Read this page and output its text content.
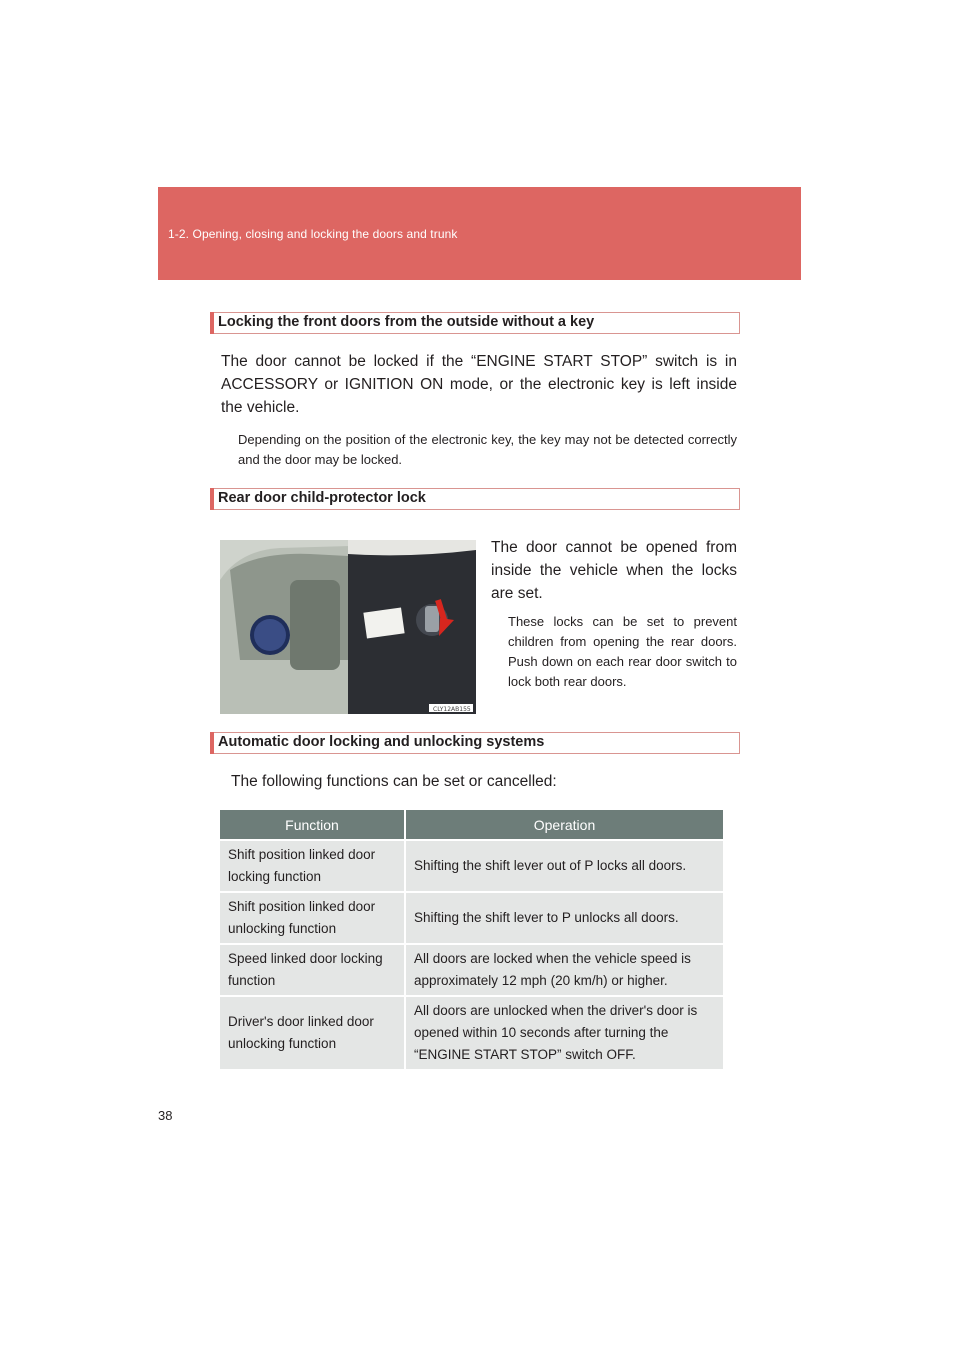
1-2. Opening, closing and locking the doors and trunk
Locking the front doors from the outside without a key
The door cannot be locked if the “ENGINE START STOP” switch is in ACCESSORY or IGNITION ON mode, or the electronic key is left inside the vehicle.
Depending on the position of the electronic key, the key may not be detected correctly and the door may be locked.
Rear door child-protector lock
CLY12AB155
The door cannot be opened from inside the vehicle when the locks are set.
These locks can be set to prevent children from opening the rear doors. Push down on each rear door switch to lock both rear doors.
Automatic door locking and unlocking systems
The following functions can be set or cancelled:
Function	Operation
Shift position linked door locking function	Shifting the shift lever out of P locks all doors.
Shift position linked door unlocking function	Shifting the shift lever to P unlocks all doors.
Speed linked door locking function	All doors are locked when the vehicle speed is approximately 12 mph (20 km/h) or higher.
Driver's door linked door unlocking function	All doors are unlocked when the driver's door is opened within 10 seconds after turning the “ENGINE START STOP” switch OFF.
38
